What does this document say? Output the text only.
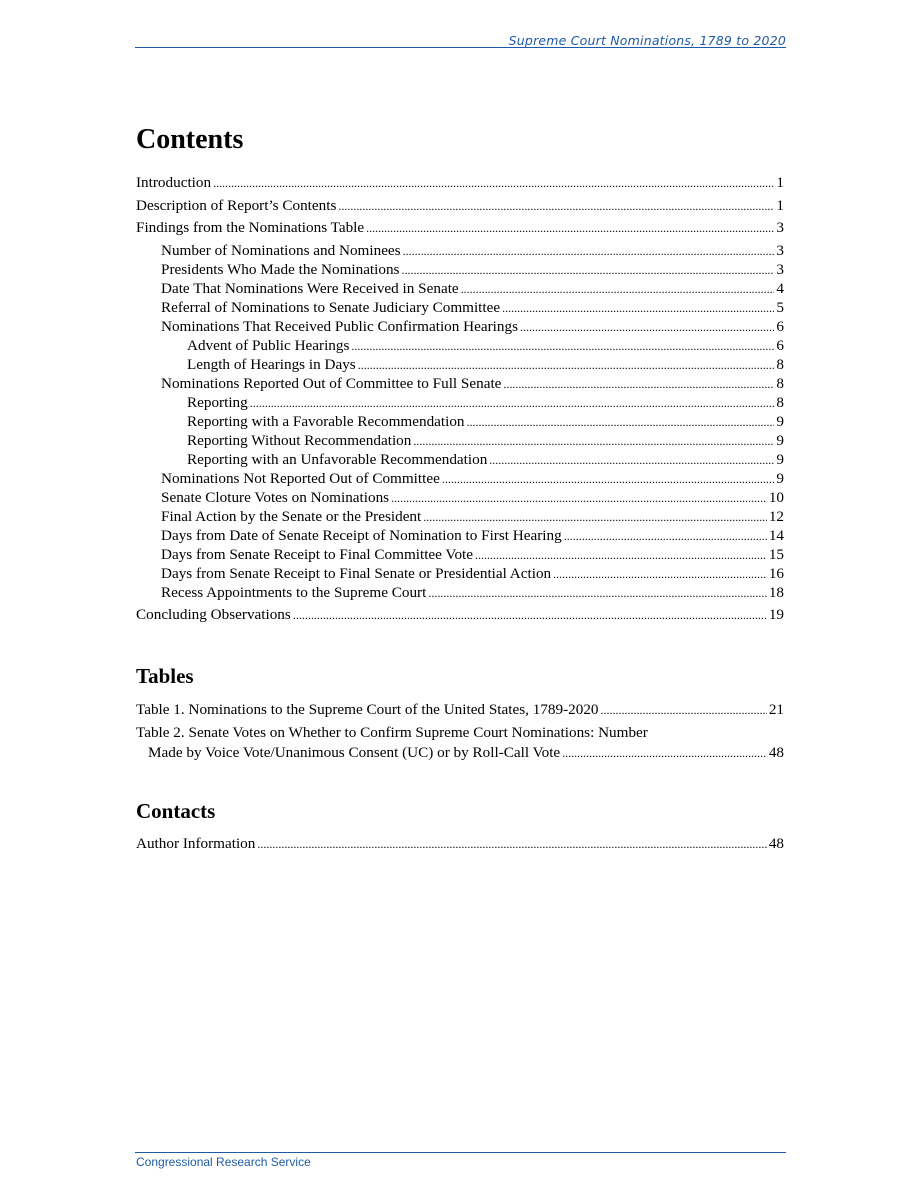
Supreme Court Nominations, 1789 to 2020
Contents
Introduction .....	1
Description of Report’s Contents .....	1
Findings from the Nominations Table .....	3
Number of Nominations and Nominees .....	3
Presidents Who Made the Nominations .....	3
Date That Nominations Were Received in Senate .....	4
Referral of Nominations to Senate Judiciary Committee .....	5
Nominations That Received Public Confirmation Hearings .....	6
Advent of Public Hearings .....	6
Length of Hearings in Days .....	8
Nominations Reported Out of Committee to Full Senate .....	8
Reporting .....	8
Reporting with a Favorable Recommendation .....	9
Reporting Without Recommendation .....	9
Reporting with an Unfavorable Recommendation .....	9
Nominations Not Reported Out of Committee .....	9
Senate Cloture Votes on Nominations .....	10
Final Action by the Senate or the President .....	12
Days from Date of Senate Receipt of Nomination to First Hearing .....	14
Days from Senate Receipt to Final Committee Vote .....	15
Days from Senate Receipt to Final Senate or Presidential Action .....	16
Recess Appointments to the Supreme Court .....	18
Concluding Observations .....	19
Tables
Table 1. Nominations to the Supreme Court of the United States, 1789-2020 .....	21
Table 2. Senate Votes on Whether to Confirm Supreme Court Nominations: Number
Made by Voice Vote/Unanimous Consent (UC) or by Roll-Call Vote .....	48
Contacts
Author Information .....	48
Congressional Research Service
